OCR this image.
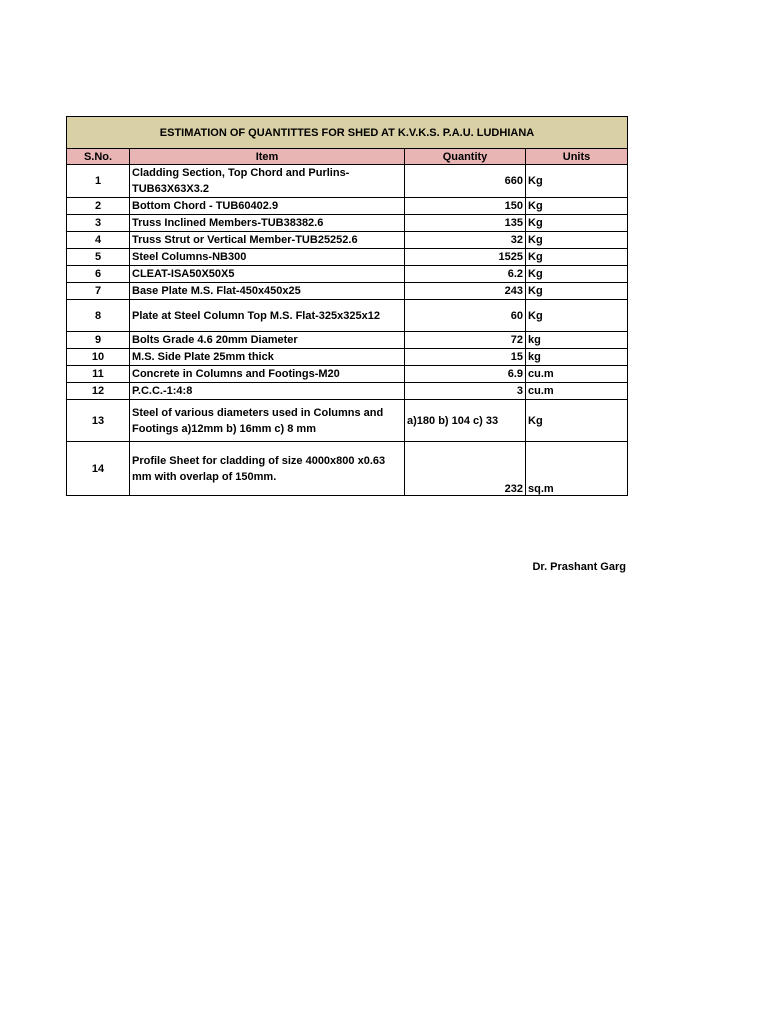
ESTIMATION OF QUANTITTES FOR SHED AT K.V.K.S. P.A.U. LUDHIANA			
S.No.	Item	Quantity	Units
1	Cladding Section, Top Chord and Purlins-TUB63X63X3.2	660	Kg
2	Bottom Chord - TUB60402.9	150	Kg
3	Truss Inclined Members-TUB38382.6	135	Kg
4	Truss Strut or Vertical Member-TUB25252.6	32	Kg
5	Steel Columns-NB300	1525	Kg
6	CLEAT-ISA50X50X5	6.2	Kg
7	Base Plate M.S. Flat-450x450x25	243	Kg
8	Plate at Steel Column Top M.S. Flat-325x325x12	60	Kg
9	Bolts Grade 4.6 20mm Diameter	72	kg
10	M.S. Side Plate 25mm thick	15	kg
11	Concrete in Columns and Footings-M20	6.9	cu.m
12	P.C.C.-1:4:8	3	cu.m
13	Steel of various diameters used in Columns and Footings a)12mm b) 16mm c) 8 mm	a)180 b) 104 c) 33	Kg
14	Profile Sheet for cladding of size 4000x800 x0.63 mm with overlap of 150mm.	232	sq.m
Dr. Prashant Garg
